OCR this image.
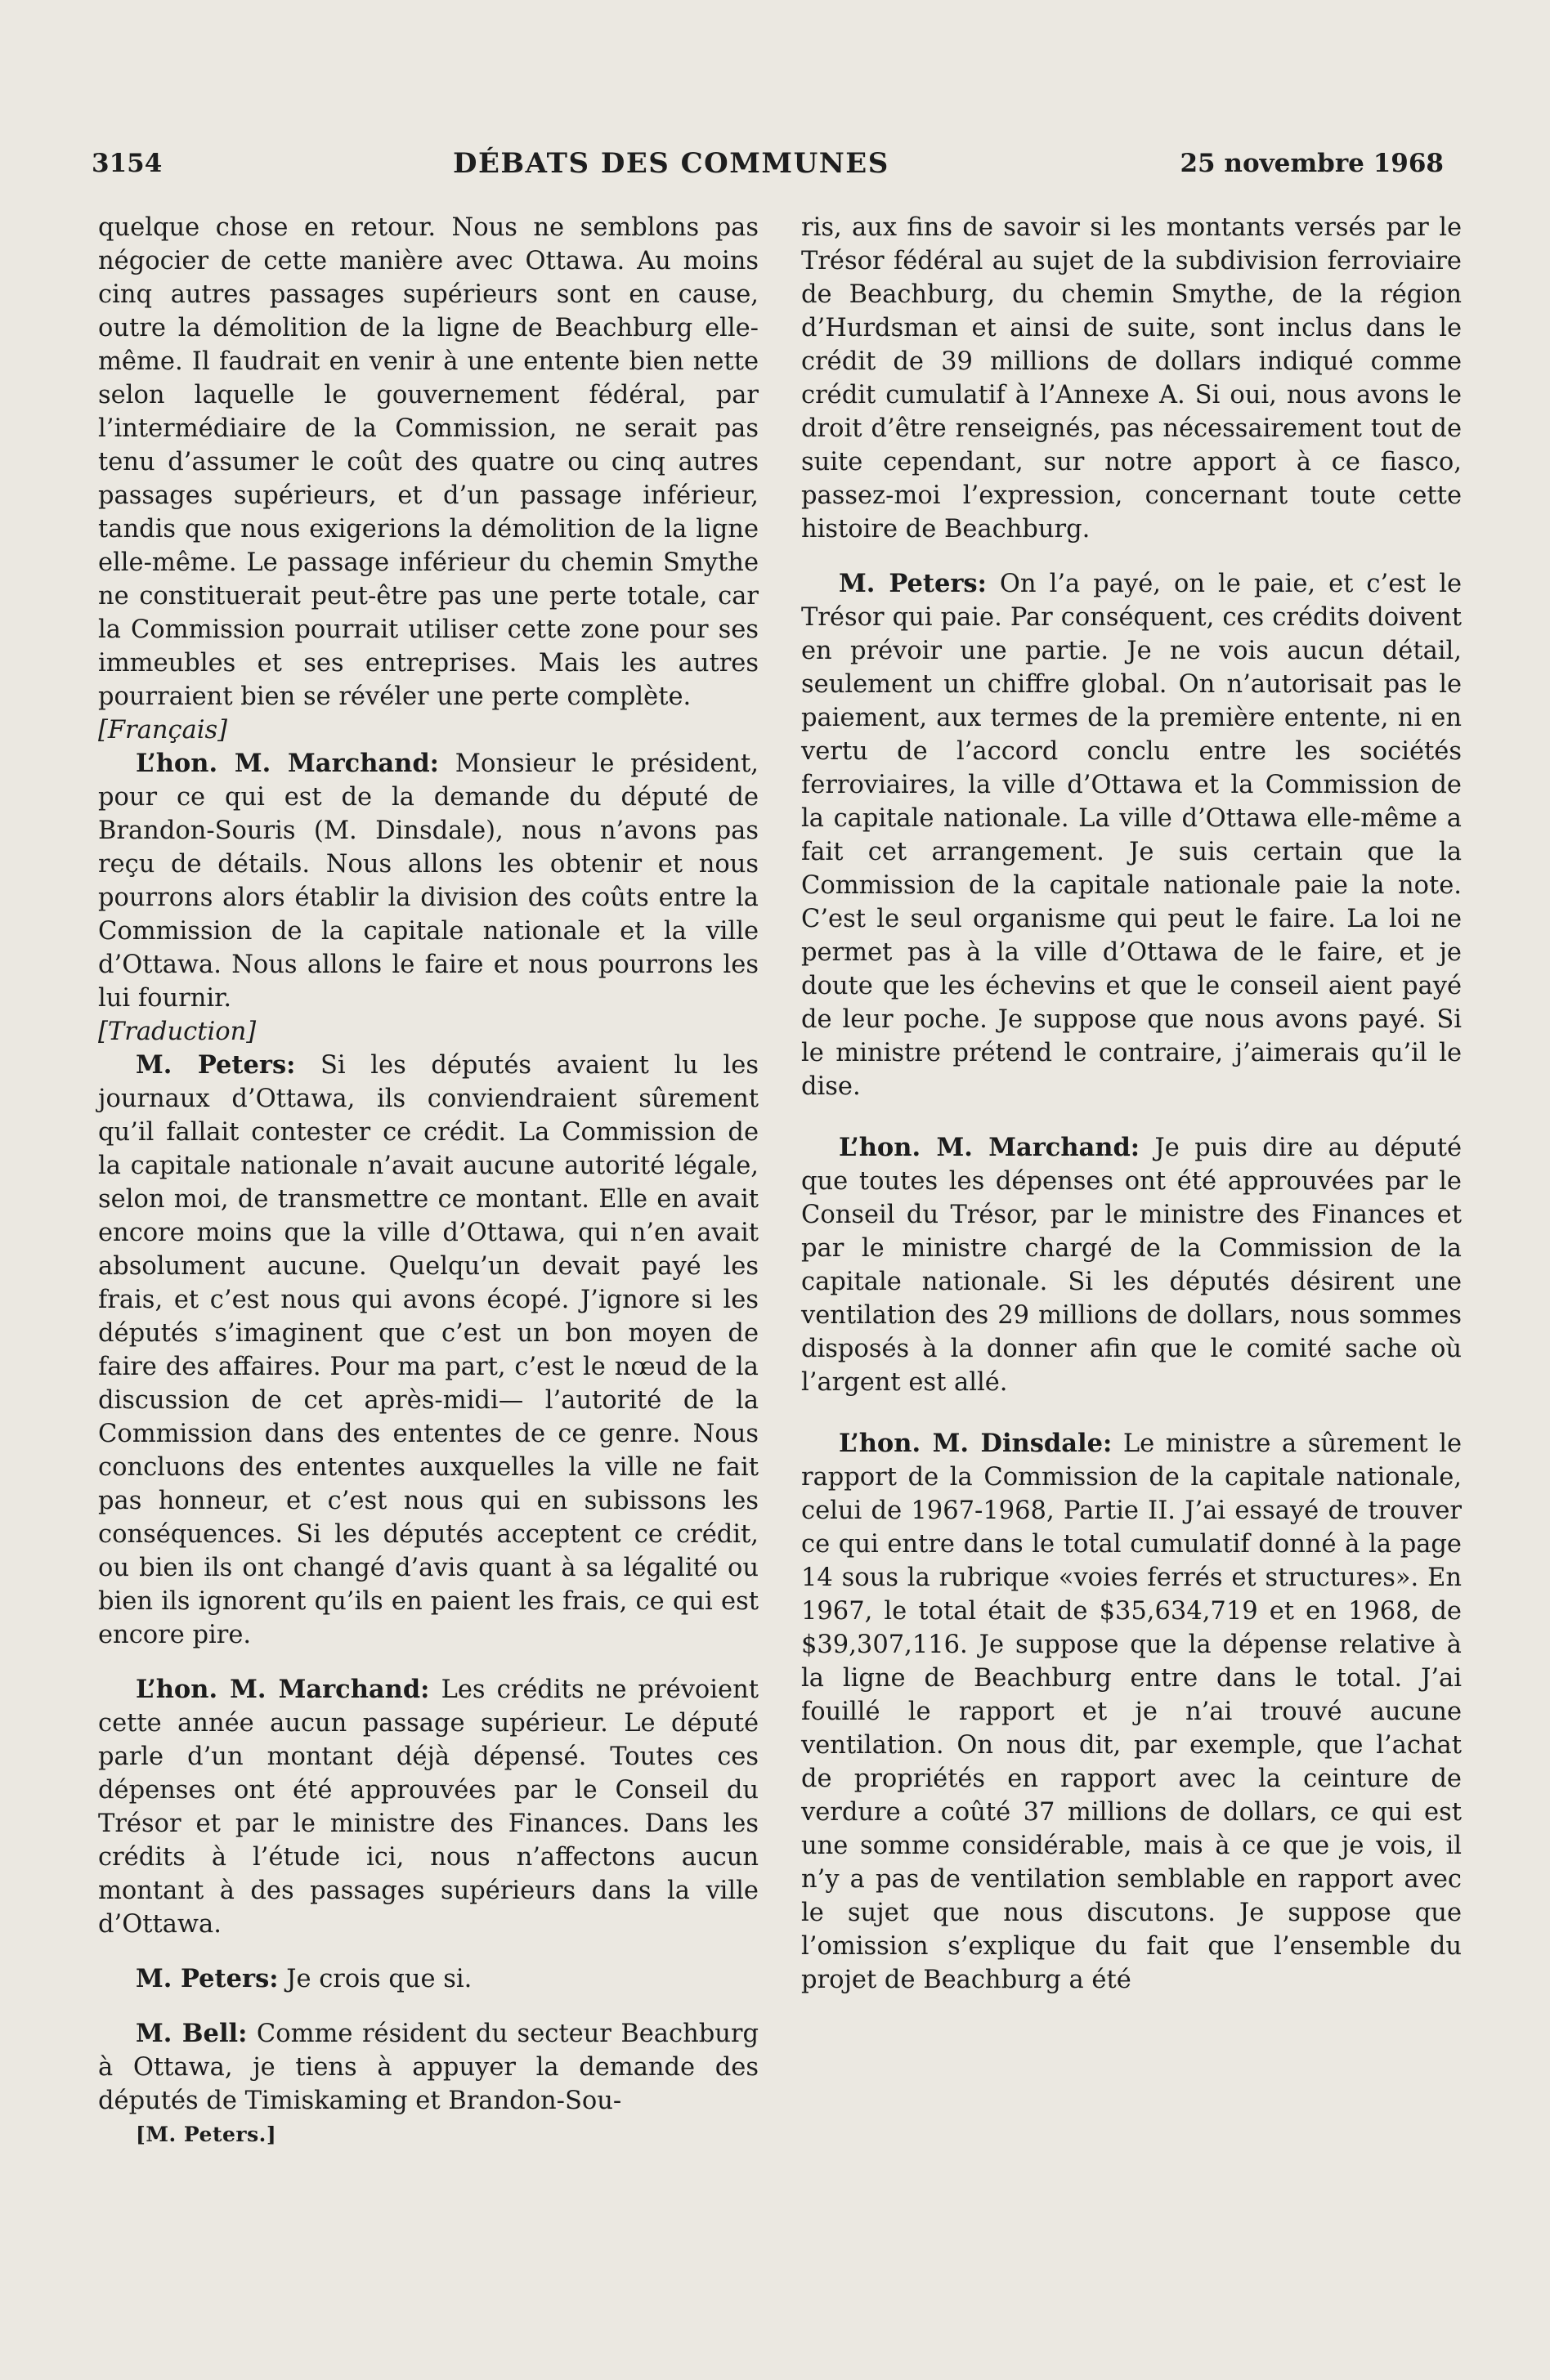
3154	DÉBATS DES COMMUNES	25 novembre 1968

quelque chose en retour. Nous ne semblons pas négocier de cette manière avec Ottawa. Au moins cinq autres passages supérieurs sont en cause, outre la démolition de la ligne de Beachburg elle-même. Il faudrait en venir à une entente bien nette selon laquelle le gouvernement fédéral, par l’intermédiaire de la Commission, ne serait pas tenu d’assumer le coût des quatre ou cinq autres passages supérieurs, et d’un passage inférieur, tandis que nous exigerions la démolition de la ligne elle-même. Le passage inférieur du chemin Smythe ne constituerait peut-être pas une perte totale, car la Commission pourrait utiliser cette zone pour ses immeubles et ses entreprises. Mais les autres pourraient bien se révéler une perte complète.

[Français]

L’hon. M. Marchand: Monsieur le président, pour ce qui est de la demande du député de Brandon-Souris (M. Dinsdale), nous n’avons pas reçu de détails. Nous allons les obtenir et nous pourrons alors établir la division des coûts entre la Commission de la capitale nationale et la ville d’Ottawa. Nous allons le faire et nous pourrons les lui fournir.

[Traduction]

M. Peters: Si les députés avaient lu les journaux d’Ottawa, ils conviendraient sûrement qu’il fallait contester ce crédit. La Commission de la capitale nationale n’avait aucune autorité légale, selon moi, de transmettre ce montant. Elle en avait encore moins que la ville d’Ottawa, qui n’en avait absolument aucune. Quelqu’un devait payé les frais, et c’est nous qui avons écopé. J’ignore si les députés s’imaginent que c’est un bon moyen de faire des affaires. Pour ma part, c’est le nœud de la discussion de cet après-midi— l’autorité de la Commission dans des ententes de ce genre. Nous concluons des ententes auxquelles la ville ne fait pas honneur, et c’est nous qui en subissons les conséquences. Si les députés acceptent ce crédit, ou bien ils ont changé d’avis quant à sa légalité ou bien ils ignorent qu’ils en paient les frais, ce qui est encore pire.

L’hon. M. Marchand: Les crédits ne prévoient cette année aucun passage supérieur. Le député parle d’un montant déjà dépensé. Toutes ces dépenses ont été approuvées par le Conseil du Trésor et par le ministre des Finances. Dans les crédits à l’étude ici, nous n’affectons aucun montant à des passages supérieurs dans la ville d’Ottawa.

M. Peters: Je crois que si.

M. Bell: Comme résident du secteur Beachburg à Ottawa, je tiens à appuyer la demande des députés de Timiskaming et Brandon-Sou-

[M. Peters.]

ris, aux fins de savoir si les montants versés par le Trésor fédéral au sujet de la subdivision ferroviaire de Beachburg, du chemin Smythe, de la région d’Hurdsman et ainsi de suite, sont inclus dans le crédit de 39 millions de dollars indiqué comme crédit cumulatif à l’Annexe A. Si oui, nous avons le droit d’être renseignés, pas nécessairement tout de suite cependant, sur notre apport à ce fiasco, passez-moi l’expression, concernant toute cette histoire de Beachburg.

M. Peters: On l’a payé, on le paie, et c’est le Trésor qui paie. Par conséquent, ces crédits doivent en prévoir une partie. Je ne vois aucun détail, seulement un chiffre global. On n’autorisait pas le paiement, aux termes de la première entente, ni en vertu de l’accord conclu entre les sociétés ferroviaires, la ville d’Ottawa et la Commission de la capitale nationale. La ville d’Ottawa elle-même a fait cet arrangement. Je suis certain que la Commission de la capitale nationale paie la note. C’est le seul organisme qui peut le faire. La loi ne permet pas à la ville d’Ottawa de le faire, et je doute que les échevins et que le conseil aient payé de leur poche. Je suppose que nous avons payé. Si le ministre prétend le contraire, j’aimerais qu’il le dise.

L’hon. M. Marchand: Je puis dire au député que toutes les dépenses ont été approuvées par le Conseil du Trésor, par le ministre des Finances et par le ministre chargé de la Commission de la capitale nationale. Si les députés désirent une ventilation des 29 millions de dollars, nous sommes disposés à la donner afin que le comité sache où l’argent est allé.

L’hon. M. Dinsdale: Le ministre a sûrement le rapport de la Commission de la capitale nationale, celui de 1967-1968, Partie II. J’ai essayé de trouver ce qui entre dans le total cumulatif donné à la page 14 sous la rubrique «voies ferrés et structures». En 1967, le total était de $35,634,719 et en 1968, de $39,307,116. Je suppose que la dépense relative à la ligne de Beachburg entre dans le total. J’ai fouillé le rapport et je n’ai trouvé aucune ventilation. On nous dit, par exemple, que l’achat de propriétés en rapport avec la ceinture de verdure a coûté 37 millions de dollars, ce qui est une somme considérable, mais à ce que je vois, il n’y a pas de ventilation semblable en rapport avec le sujet que nous discutons. Je suppose que l’omission s’explique du fait que l’ensemble du projet de Beachburg a été
